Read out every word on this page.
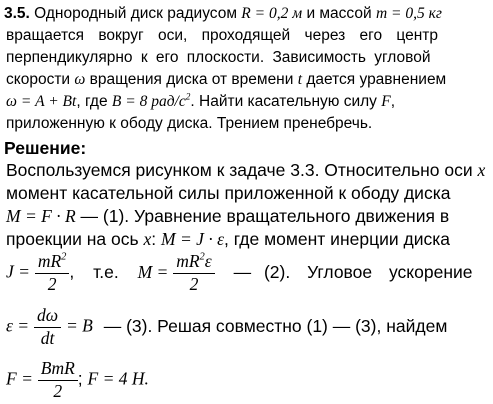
3.5. Однородный диск радиусом R = 0,2 м и массой m = 0,5 кг
вращается вокруг оси, проходящей через его центр
перпендикулярно к его плоскости. Зависимость угловой
скорости ω вращения диска от времени t дается уравнением
ω = A + Bt, где B = 8 рад/$с^2$. Найти касательную силу F,
приложенную к ободу диска. Трением пренебречь.
Решение:
Воспользуемся рисунком к задаче 3.3. Относительно оси x
момент касательной силы приложенной к ободу диска
M = F · R — (1). Уравнение вращательного движения в
проекции на ось x: M = J · ε, где момент инерции диска
$J = \frac{mR^2}{2}$ , т.е. $M = \frac{mR^2\varepsilon}{2}$ — (2). Угловое ускорение
$\varepsilon = \frac{d\omega}{dt} = B$ — (3). Решая совместно (1) — (3), найдем
$F = \frac{\text{BmR}}{2}$ ; F = 4 Н.
